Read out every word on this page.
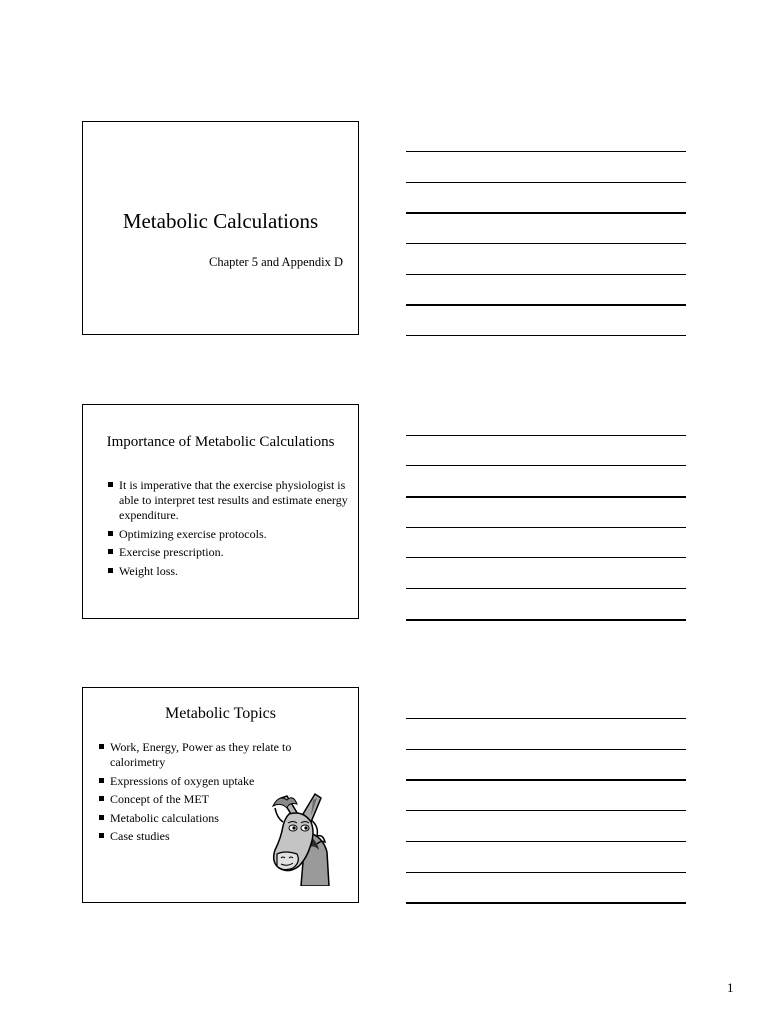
Metabolic Calculations
Chapter 5 and Appendix D
Importance of Metabolic Calculations
It is imperative that the exercise physiologist is able to interpret test results and estimate energy expenditure.
Optimizing exercise protocols.
Exercise prescription.
Weight loss.
Metabolic Topics
Work, Energy, Power as they relate to calorimetry
Expressions of oxygen uptake
Concept of the MET
Metabolic calculations
Case studies
1
